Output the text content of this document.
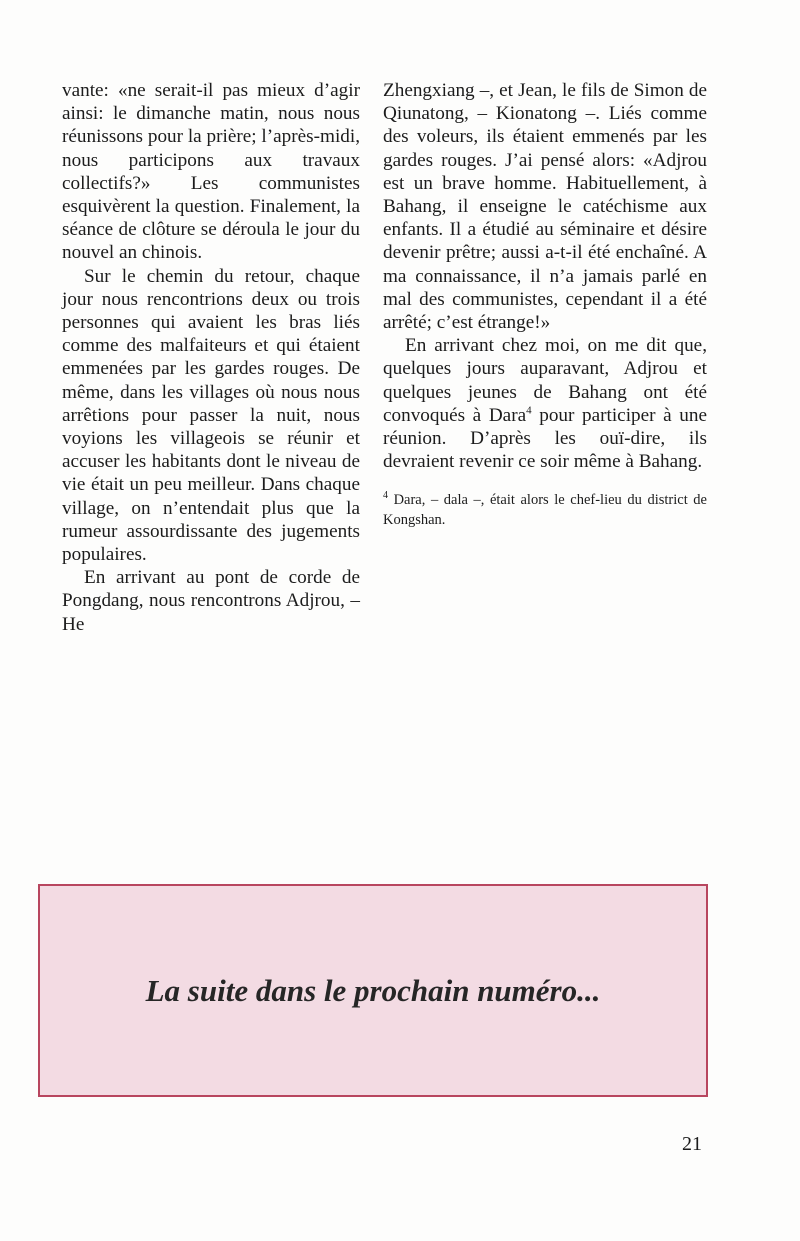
vante: «ne serait-il pas mieux d’agir ainsi: le dimanche matin, nous nous réunissons pour la prière; l’après-midi, nous participons aux travaux collectifs?» Les communistes esquivèrent la question. Finalement, la séance de clôture se déroula le jour du nouvel an chinois.

Sur le chemin du retour, chaque jour nous rencontrions deux ou trois personnes qui avaient les bras liés comme des malfaiteurs et qui étaient emmenées par les gardes rouges. De même, dans les villages où nous nous arrêtions pour passer la nuit, nous voyions les villageois se réunir et accuser les habitants dont le niveau de vie était un peu meilleur. Dans chaque village, on n’entendait plus que la rumeur assourdissante des jugements populaires.

En arrivant au pont de corde de Pongdang, nous rencontrons Adjrou, – He

Zhengxiang –, et Jean, le fils de Simon de Qiunatong, – Kionatong –. Liés comme des voleurs, ils étaient emmenés par les gardes rouges. J’ai pensé alors: «Adjrou est un brave homme. Habituellement, à Bahang, il enseigne le catéchisme aux enfants. Il a étudié au séminaire et désire devenir prêtre; aussi a-t-il été enchaîné. A ma connaissance, il n’a jamais parlé en mal des communistes, cependant il a été arrêté; c’est étrange!»

En arrivant chez moi, on me dit que, quelques jours auparavant, Adjrou et quelques jeunes de Bahang ont été convoqués à Dara$^4$ pour participer à une réunion. D’après les ouï-dire, ils devraient revenir ce soir même à Bahang.

$^4$ Dara, – dala –, était alors le chef-lieu du district de Kongshan.
La suite dans le prochain numéro...
21
